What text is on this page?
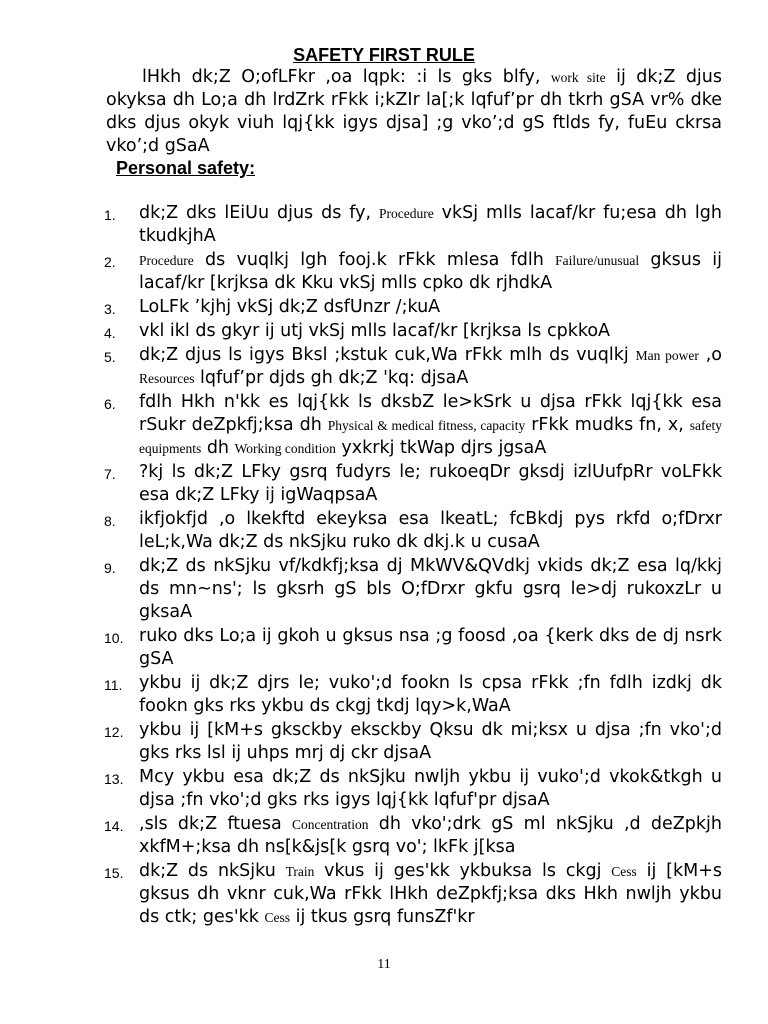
SAFETY FIRST RULE
lHkh dk;Z O;ofLFkr ,oa lqpk: :i ls gks blfy, work site ij dk;Z djus okyksa dh Lo;a dh lrdZrk rFkk i;kZIr la[;k lqfuf’pr dh tkrh gSA vr% dke dks djus okyk viuh lqj{kk igys djsa] ;g vko’;d gS ftlds fy, fuEu ckrsa vko’;d gSaA
Personal safety:
1. dk;Z dks lEiUu djus ds fy, Procedure vkSj mlls lacaf/kr fu;esa dh lgh tkudkjhA
2. Procedure ds vuqlkj lgh fooj.k rFkk mlesa fdlh Failure/unusual gksus ij lacaf/kr [krjksa dk Kku vkSj mlls cpko dk rjhdkA
3. LoLFk ’kjhj vkSj dk;Z dsfUnzr /;kuA
4. vkl ikl ds gkyr ij utj vkSj mlls lacaf/kr [krjksa ls cpkkoA
5. dk;Z djus ls igys Bksl ;kstuk cuk,Wa rFkk mlh ds vuqlkj Man power ,o Resources lqfuf’pr djds gh dk;Z 'kq: djsaA
6. fdlh Hkh n'kk es lqj{kk ls dksbZ le>kSrk u djsa rFkk lqj{kk esa rSukr deZpkfj;ksa dh Physical & medical fitness, capacity rFkk mudks fn, x, safety equipments dh Working condition yxkrkj tkWap djrs jgsaA
7. ?kj ls dk;Z LFky gsrq fudyrs le; rukoeqDr gksdj izlUufpRr voLFkk esa dk;Z LFky ij igWaqpsaA
8. ikfjokfjd ,o lkekftd ekeyksa esa lkeatL; fcBkdj pys rkfd o;fDrxr leL;k,Wa dk;Z ds nkSjku ruko dk dkj.k u cusaA
9. dk;Z ds nkSjku vf/kdkfj;ksa dj MkWV&QVdkj vkids dk;Z esa lq/kkj ds mn~ns'; ls gksrh gS bls O;fDrxr gkfu gsrq le>dj rukoxzLr u gksaA
10. ruko dks Lo;a ij gkoh u gksus nsa ;g foosd ,oa {kerk dks de dj nsrk gSA
11. ykbu ij dk;Z djrs le; vuko';d fookn ls cpsa rFkk ;fn fdlh izdkj dk fookn gks rks ykbu ds ckgj tkdj lqy>k,WaA
12. ykbu ij [kM+s gksckby eksckby Qksu dk mi;ksx u djsa ;fn vko';d gks rks lsl ij uhps mrj dj ckr djsaA
13. Mcy ykbu esa dk;Z ds nkSjku nwljh ykbu ij vuko';d vkok&tkgh u djsa ;fn vko';d gks rks igys lqj{kk lqfuf'pr djsaA
14. ,sls dk;Z ftuesa Concentration dh vko';drk gS ml nkSjku ,d deZpkjh xkfM+;ksa dh ns[k&js[k gsrq vo'; lkFk j[ksa
15. dk;Z ds nkSjku Train vkus ij ges'kk ykbuksa ls ckgj Cess ij [kM+s gksus dh vknr cuk,Wa rFkk lHkh deZpkfj;ksa dks Hkh nwljh ykbu ds ctk; ges'kk Cess ij tkus gsrq funsZf'kr
11
